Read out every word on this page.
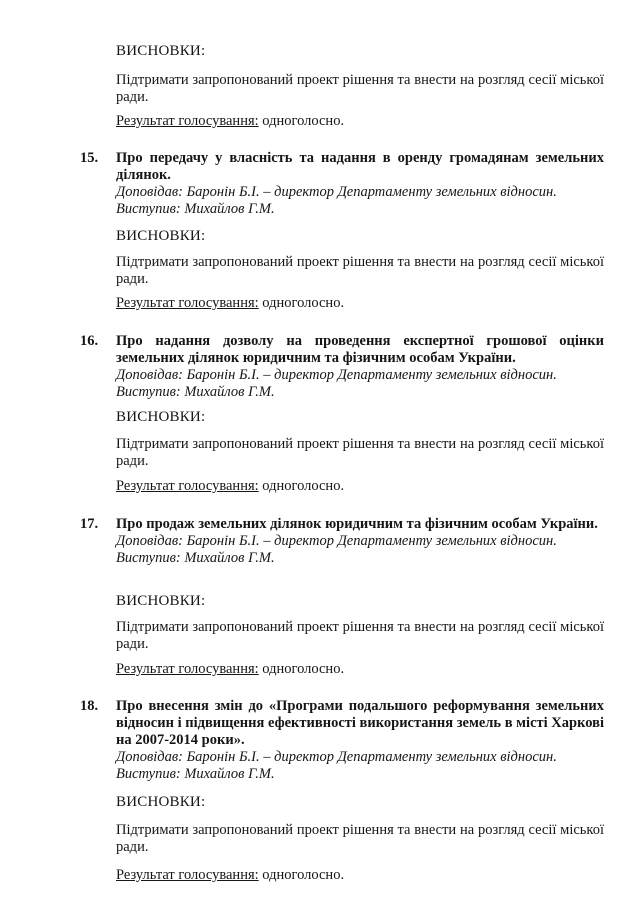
ВИСНОВКИ:
Підтримати запропонований проект рішення та внести на розгляд сесії міської ради.
Результат голосування: одноголосно.
15. Про передачу у власність та надання в оренду громадянам земельних ділянок.
Доповідав: Баронін Б.І. – директор Департаменту земельних відносин.
Виступив: Михайлов Г.М.
ВИСНОВКИ:
Підтримати запропонований проект рішення та внести на розгляд сесії міської ради.
Результат голосування: одноголосно.
16. Про надання дозволу на проведення експертної грошової оцінки земельних ділянок юридичним та фізичним особам України.
Доповідав: Баронін Б.І. – директор Департаменту земельних відносин.
Виступив: Михайлов Г.М.
ВИСНОВКИ:
Підтримати запропонований проект рішення та внести на розгляд сесії міської ради.
Результат голосування: одноголосно.
17. Про продаж земельних ділянок юридичним та фізичним особам України.
Доповідав: Баронін Б.І. – директор Департаменту земельних відносин.
Виступив: Михайлов Г.М.
ВИСНОВКИ:
Підтримати запропонований проект рішення та внести на розгляд сесії міської ради.
Результат голосування: одноголосно.
18. Про внесення змін до «Програми подальшого реформування земельних відносин і підвищення ефективності використання земель в місті Харкові на 2007-2014 роки».
Доповідав: Баронін Б.І. – директор Департаменту земельних відносин.
Виступив: Михайлов Г.М.
ВИСНОВКИ:
Підтримати запропонований проект рішення та внести на розгляд сесії міської ради.
Результат голосування: одноголосно.
